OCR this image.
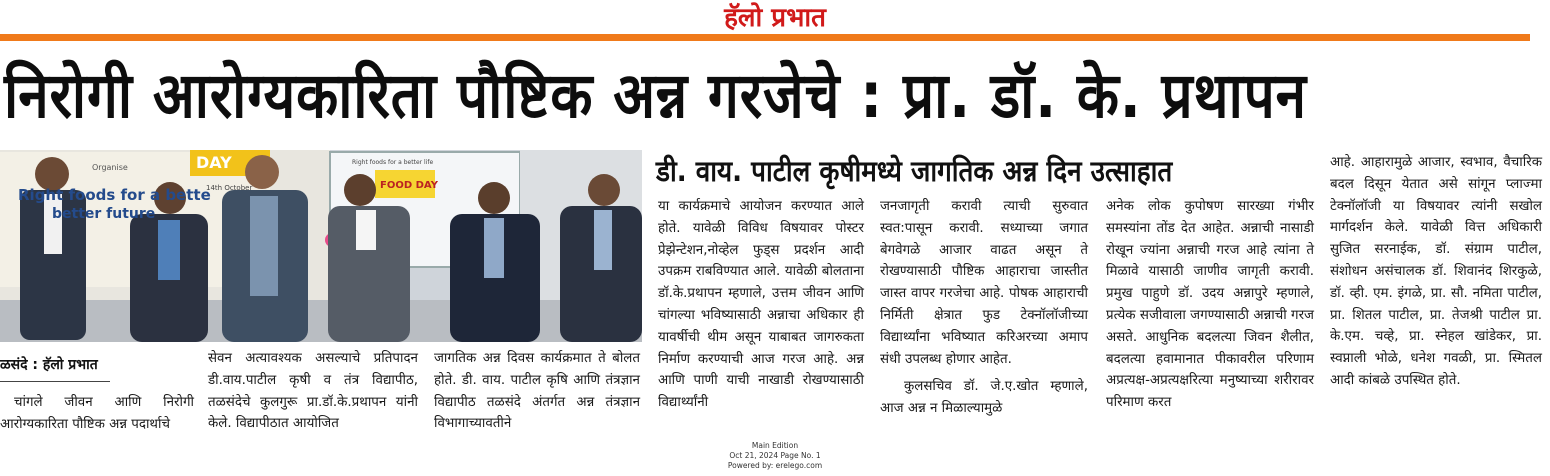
हॅलो प्रभात
निरोगी आरोग्यकारिता पौष्टिक अन्न गरजेचे : प्रा. डॉ. के. प्रथापन
Organise	DAY
Right foods for a bette
better future
14th October	FOOD DAY
Right foods for a better life	डी. वाय. पाटील कृषीमध्ये जागतिक अन्न दिन उत्साहात

या कार्यक्रमाचे आयोजन करण्यात आले होते. यावेळी विविध विषयावर पोस्टर प्रेझेन्टेशन,नोव्हेल फुड्स प्रदर्शन आदी उपक्रम राबविण्यात आले. यावेळी बोलताना डॉ.के.प्रथापन म्हणाले, उत्तम जीवन आणि चांगल्या भविष्यासाठी अन्नाचा अधिकार ही यावर्षीची थीम असून याबाबत जागरुकता निर्माण करण्याची आज गरज आहे. अन्न आणि पाणी याची नाखाडी रोखण्यासाठी विद्यार्थ्यांनी

जनजागृती करावी त्याची सुरुवात स्वत:पासून करावी. सध्याच्या जगात बेगवेगळे आजार वाढत असून ते रोखण्यासाठी पौष्टिक आहाराचा जास्तीत जास्त वापर गरजेचा आहे. पोषक आहाराची निर्मिती क्षेत्रात फुड टेक्नॉलॉजीच्या विद्यार्थ्यांना भविष्यात करिअरच्या अमाप संधी उपलब्ध होणार आहेत.

कुलसचिव डॉ. जे.ए.खोत म्हणाले, आज अन्न न मिळाल्यामुळे

अनेक लोक कुपोषण सारख्या गंभीर समस्यांना तोंड देत आहेत. अन्नाची नासाडी रोखून ज्यांना अन्नाची गरज आहे त्यांना ते मिळावे यासाठी जाणीव जागृती करावी. प्रमुख पाहुणे डॉ. उदय अन्नापुरे म्हणाले, प्रत्येक सजीवाला जगण्यासाठी अन्नाची गरज असते. आधुनिक बदलत्या जिवन शैलीत, बदलत्या हवामानात पीकावरील परिणाम अप्रत्यक्ष-अप्रत्यक्षरित्या मनुष्याच्या शरीरावर परिमाण करत

आहे. आहारामुळे आजार, स्वभाव, वैचारिक बदल दिसून येतात असे सांगून प्लाज्मा टेक्नॉलॉजी या विषयावर त्यांनी सखोल मार्गदर्शन केले. यावेळी वित्त अधिकारी सुजित सरनाईक, डॉ. संग्राम पाटील, संशोधन असंचालक डॉ. शिवानंद शिरकुळे, डॉ. व्ही. एम. इंगळे, प्रा. सौ. नमिता पाटील, प्रा. शितल पाटील, प्रा. तेजश्री पाटील प्रा. के.एम. चव्हे, प्रा. स्नेहल खांडेकर, प्रा. स्वप्नाली भोळे, धनेश गवळी, प्रा. स्मितल आदी कांबळे उपस्थित होते.

ळसंदे : हॅलो प्रभात

चांगले जीवन आणि निरोगी आरोग्यकारिता पौष्टिक अन्न पदार्थाचे

सेवन अत्यावश्यक असल्याचे प्रतिपादन डी.वाय.पाटील कृषी व तंत्र विद्यापीठ, तळसंदेचे कुलगुरू प्रा.डॉ.के.प्रथापन यांनी केले. विद्यापीठात आयोजित

जागतिक अन्न दिवस कार्यक्रमात ते बोलत होते. डी. वाय. पाटील कृषि आणि तंत्रज्ञान विद्यापीठ तळसंदे अंतर्गत अन्न तंत्रज्ञान विभागाच्यावतीने

Main Edition
Oct 21, 2024 Page No. 1
Powered by: erelego.com
